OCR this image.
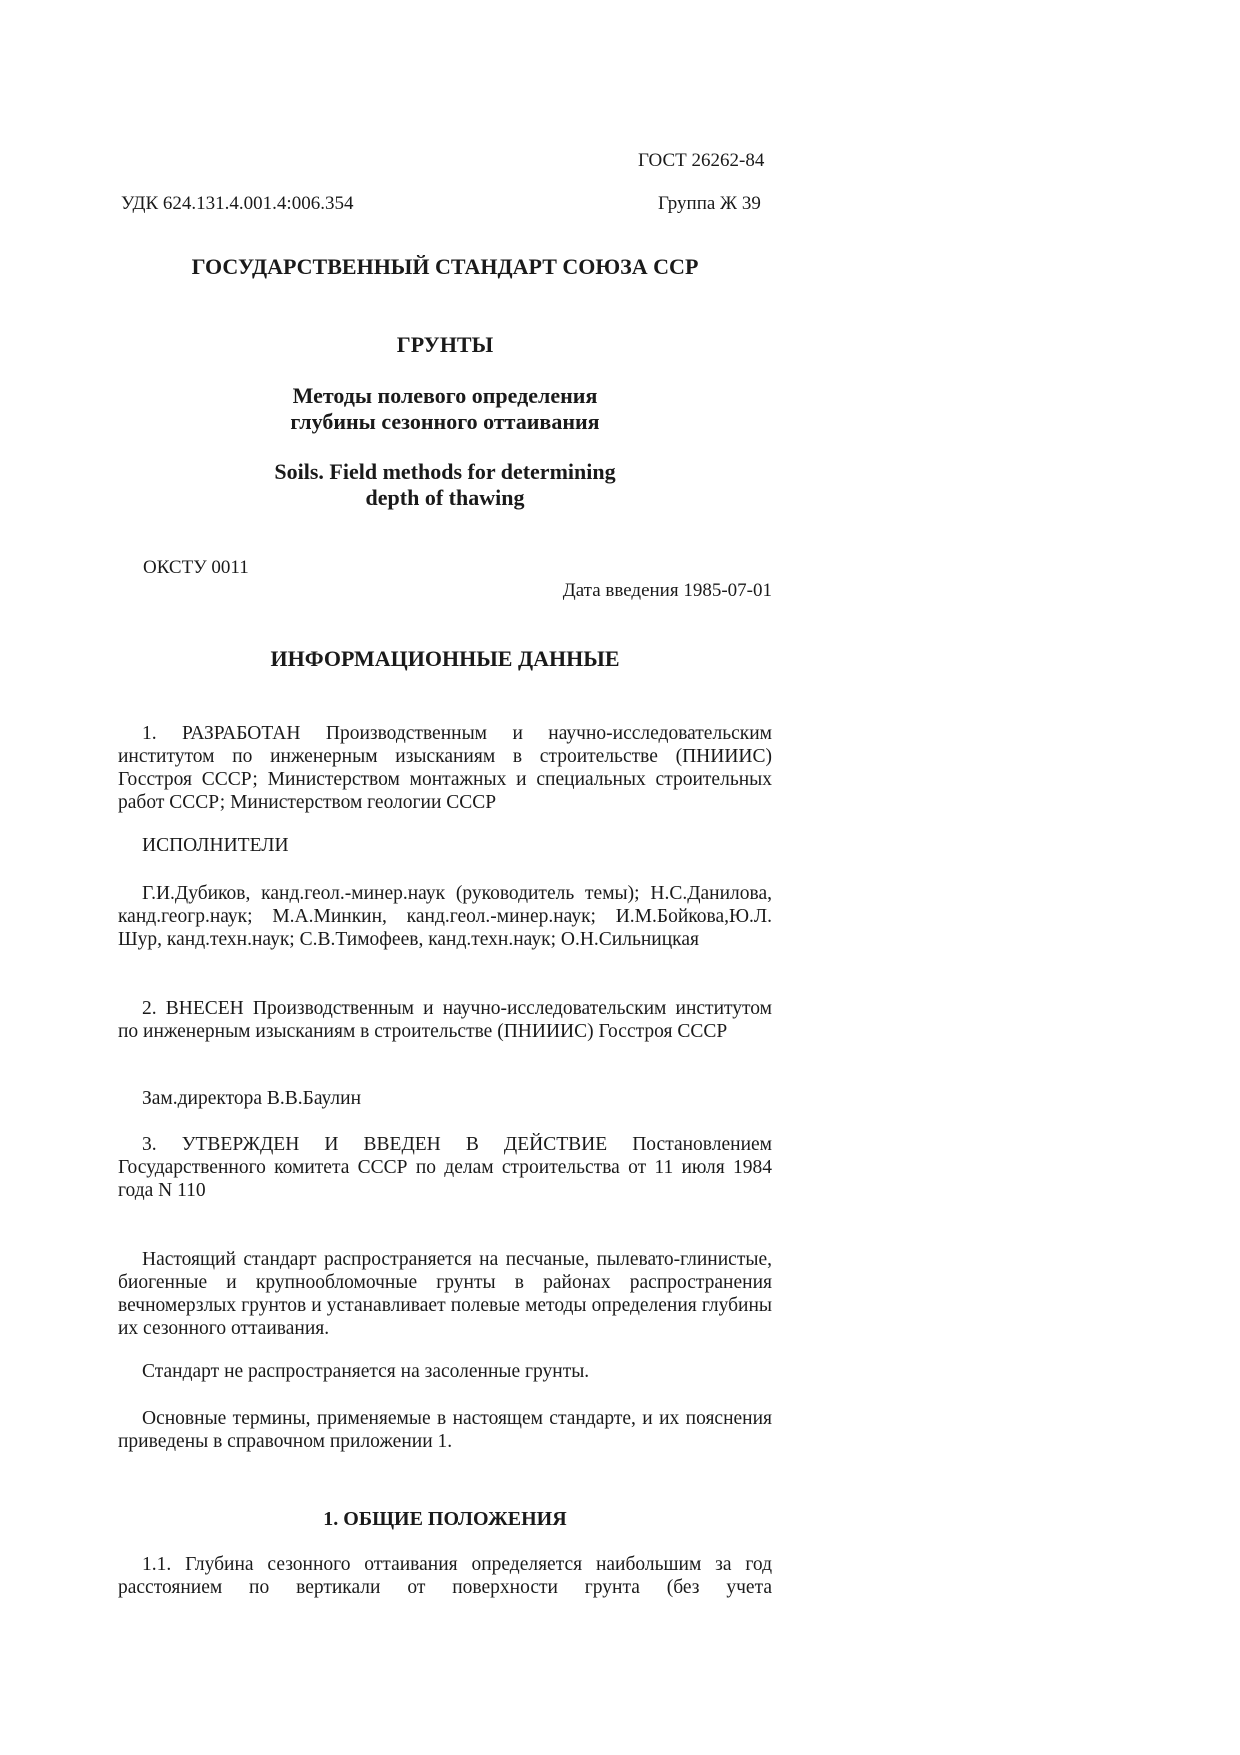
ГОСТ 26262-84
УДК 624.131.4.001.4:006.354	Группа Ж 39
ГОСУДАРСТВЕННЫЙ СТАНДАРТ СОЮЗА ССР
ГРУНТЫ
Методы полевого определения
глубины сезонного оттаивания
Soils. Field methods for determining
depth of thawing
ОКСТУ 0011
Дата введения 1985-07-01
ИНФОРМАЦИОННЫЕ ДАННЫЕ

1. РАЗРАБОТАН Производственным и научно-исследовательским институтом по инженерным изысканиям в строительстве (ПНИИИС) Госстроя СССР; Министерством монтажных и специальных строительных работ СССР; Министерством геологии СССР

ИСПОЛНИТЕЛИ

Г.И.Дубиков, канд.геол.-минер.наук (руководитель темы); Н.С.Данилова, канд.геогр.наук; М.А.Минкин, канд.геол.-минер.наук; И.М.Бойкова,Ю.Л. Шур, канд.техн.наук; С.В.Тимофеев, канд.техн.наук; О.Н.Сильницкая

2. ВНЕСЕН Производственным и научно-исследовательским институтом по инженерным изысканиям в строительстве (ПНИИИС) Госстроя СССР

Зам.директора В.В.Баулин

3. УТВЕРЖДЕН И ВВЕДЕН В ДЕЙСТВИЕ Постановлением Государственного комитета СССР по делам строительства от 11 июля 1984 года N 110

Настоящий стандарт распространяется на песчаные, пылевато-глинистые, биогенные и крупнообломочные грунты в районах распространения вечномерзлых грунтов и устанавливает полевые методы определения глубины их сезонного оттаивания.

Стандарт не распространяется на засоленные грунты.

Основные термины, применяемые в настоящем стандарте, и их пояснения приведены в справочном приложении 1.

1. ОБЩИЕ ПОЛОЖЕНИЯ

1.1. Глубина сезонного оттаивания определяется наибольшим за год расстоянием по вертикали от поверхности грунта (без учета
